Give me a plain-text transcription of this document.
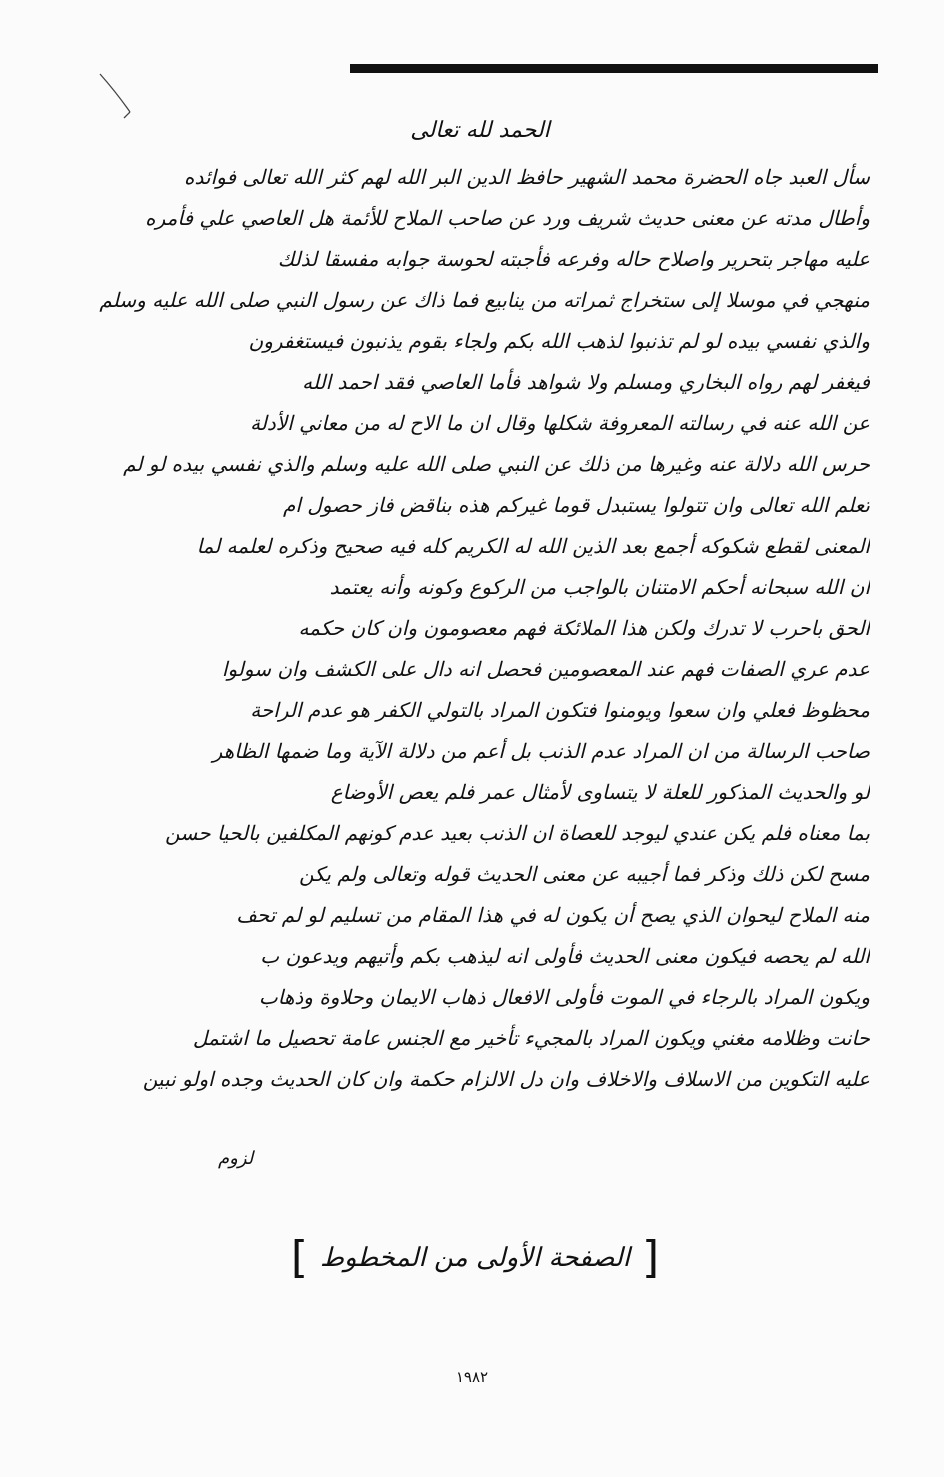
الحمد لله تعالى
سأل العبد جاه الحضرة محمد الشهير حافظ الدين البر الله لهم كثر الله تعالى فوائده
وأطال مدته عن معنى حديث شريف ورد عن صاحب الملاح للأئمة هل العاصي علي فأمره
عليه مهاجر بتحرير واصلاح حاله وفرعه فأجبته لحوسة جوابه مفسقا لذلك
منهجي في موسلا إلى ستخراج ثمراته من ينابيع فما ذاك عن رسول النبي صلى الله عليه وسلم
والذي نفسي بيده لو لم تذنبوا لذهب الله بكم ولجاء بقوم يذنبون فيستغفرون
فيغفر لهم رواه البخاري ومسلم ولا شواهد فأما العاصي فقد احمد الله
عن الله عنه في رسالته المعروفة شكلها وقال ان ما الاح له من معاني الأدلة
حرس الله دلالة عنه وغيرها من ذلك عن النبي صلى الله عليه وسلم والذي نفسي بيده لو لم
تعلم الله تعالى وان تتولوا يستبدل قوما غيركم هذه بناقض فاز حصول ام
المعنى لقطع شكوكه أجمع بعد الذين الله له الكريم كله فيه صحيح وذكره لعلمه لما
ان الله سبحانه أحكم الامتنان بالواجب من الركوع وكونه وأنه يعتمد
الحق باحرب لا تدرك ولكن هذا الملائكة فهم معصومون وان كان حكمه
عدم عري الصفات فهم عند المعصومين فحصل انه دال على الكشف وان سولوا
محظوظ فعلي وان سعوا ويومنوا فتكون المراد بالتولي الكفر هو عدم الراحة
صاحب الرسالة من ان المراد عدم الذنب بل أعم من دلالة الآية وما ضمها الظاهر
لو والحديث المذكور للعلة لا يتساوى لأمثال عمر فلم يعص الأوضاع
بما معناه فلم يكن عندي ليوجد للعصاة ان الذنب بعيد عدم كونهم المكلفين بالحيا حسن
مسح لكن ذلك وذكر فما أجيبه عن معنى الحديث قوله وتعالى ولم يكن
منه الملاح ليحوان الذي يصح أن يكون له في هذا المقام من تسليم لو لم تحف
الله لم يحصه فيكون معنى الحديث فأولى انه ليذهب بكم وأتيهم ويدعون ب
ويكون المراد بالرجاء في الموت فأولى الافعال ذهاب الايمان وحلاوة وذهاب
حانت وظلامه مغني ويكون المراد بالمجيء تأخير مع الجنس عامة تحصيل ما اشتمل
عليه التكوين من الاسلاف والاخلاف وان دل الالزام حكمة وان كان الحديث وجده اولو نبين
لزوم
[
الصفحة الأولى من المخطوط
]
١٩٨٢
